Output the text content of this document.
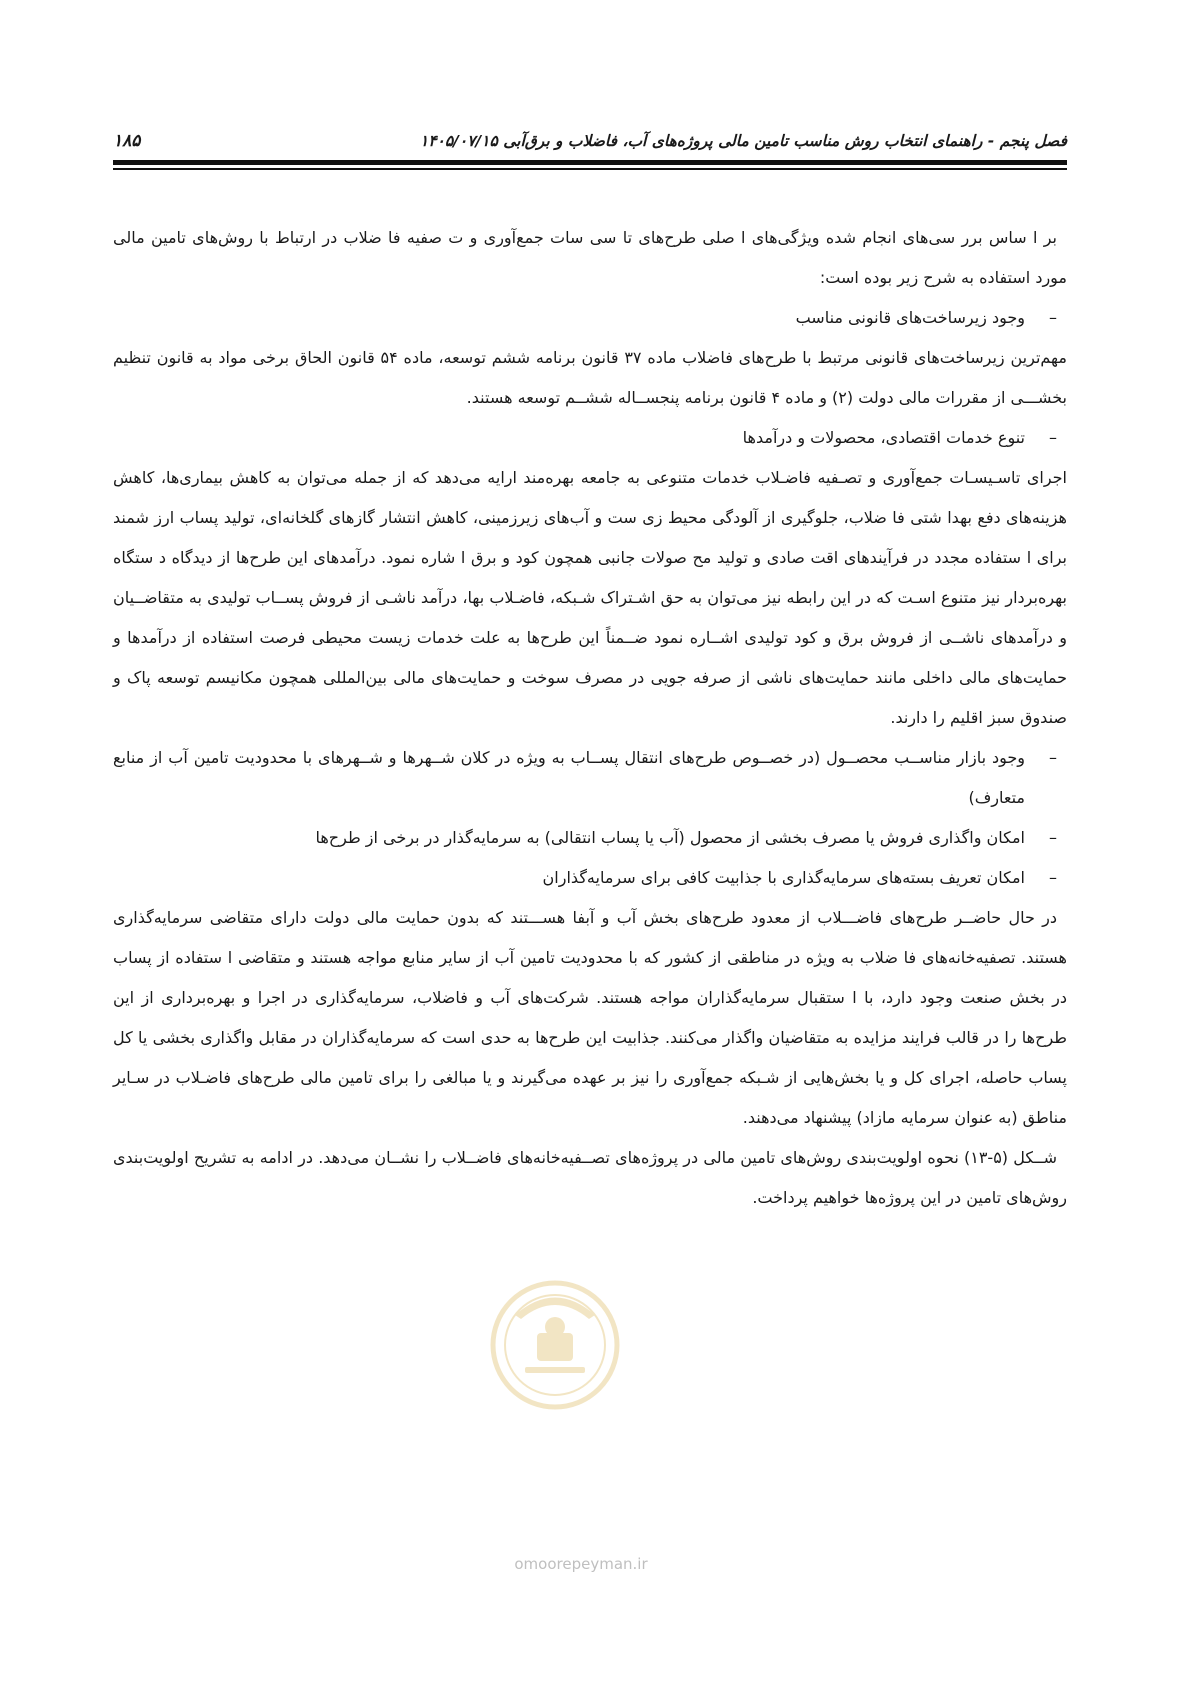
فصل پنجم - راهنمای انتخاب روش مناسب تامین مالی پروژه‌های آب، فاضلاب و برق‌آبی ۱۴۰۵/۰۷/۱۵
۱۸۵

بر ا ساس برر سی‌های انجام شده ویژگی‌های ا صلی طرح‌های تا سی سات جمع‌آوری و ت صفیه فا ضلاب در ارتباط با روش‌های تامین مالی مورد استفاده به شرح زیر بوده است:

–
وجود زیرساخت‌های قانونی مناسب

مهم‌ترین زیرساخت‌های قانونی مرتبط با طرح‌های فاضلاب ماده ۳۷ قانون برنامه ششم توسعه، ماده ۵۴ قانون الحاق برخی مواد به قانون تنظیم بخشـــی از مقررات مالی دولت (۲) و ماده ۴ قانون برنامه پنجســاله ششــم توسعه هستند.

–
تنوع خدمات اقتصادی، محصولات و درآمدها

اجرای تاسـیسـات جمع‌آوری و تصـفیه فاضـلاب خدمات متنوعی به جامعه بهره‌مند ارایه می‌دهد که از جمله می‌توان به کاهش بیماری‌ها، کاهش هزینه‌های دفع بهدا شتی فا ضلاب، جلوگیری از آلودگی محیط زی ست و آب‌های زیرزمینی، کاهش انتشار گازهای گلخانه‌ای، تولید پساب ارز شمند برای ا ستفاده مجدد در فرآیندهای اقت صادی و تولید مح صولات جانبی همچون کود و برق ا شاره نمود. درآمدهای این طرح‌ها از دیدگاه د ستگاه بهره‌بردار نیز متنوع اسـت که در این رابطه نیز می‌توان به حق اشـتراک شـبکه، فاضـلاب بها، درآمد ناشـی از فروش پســاب تولیدی به متقاضــیان و درآمدهای ناشــی از فروش برق و کود تولیدی اشــاره نمود ضــمناً این طرح‌ها به علت خدمات زیست محیطی فرصت استفاده از درآمدها و حمایت‌های مالی داخلی مانند حمایت‌های ناشی از صرفه جویی در مصرف سوخت و حمایت‌های مالی بین‌المللی همچون مکانیسم توسعه پاک و صندوق سبز اقلیم را دارند.

–
وجود بازار مناســب محصــول (در خصــوص طرح‌های انتقال پســاب به ویژه در کلان شــهرها و شــهرهای با محدودیت تامین آب از منابع متعارف)

–
امکان واگذاری فروش یا مصرف بخشی از محصول (آب یا پساب انتقالی) به سرمایه‌گذار در برخی از طرح‌ها

–
امکان تعریف بسته‌های سرمایه‌گذاری با جذابیت کافی برای سرمایه‌گذاران

در حال حاضــر طرح‌های فاضـــلاب از معدود طرح‌های بخش آب و آبفا هســـتند که بدون حمایت مالی دولت دارای متقاضی سرمایه‌گذاری هستند. تصفیه‌خانه‌های فا ضلاب به ویژه در مناطقی از کشور که با محدودیت تامین آب از سایر منابع مواجه هستند و متقاضی ا ستفاده از پساب در بخش صنعت وجود دارد، با ا ستقبال سرمایه‌گذاران مواجه هستند. شرکت‌های آب و فاضلاب، سرمایه‌گذاری در اجرا و بهره‌برداری از این طرح‌ها را در قالب فرایند مزایده به متقاضیان واگذار می‌کنند. جذابیت این طرح‌ها به حدی است که سرمایه‌گذاران در مقابل واگذاری بخشی یا کل پساب حاصله، اجرای کل و یا بخش‌هایی از شـبکه جمع‌آوری را نیز بر عهده می‌گیرند و یا مبالغی را برای تامین مالی طرح‌های فاضـلاب در سـایر مناطق (به عنوان سرمایه مازاد) پیشنهاد می‌دهند.

شــکل (۵-۱۳) نحوه اولویت‌بندی روش‌های تامین مالی در پروژه‌های تصــفیه‌خانه‌های فاضــلاب را نشــان می‌دهد. در ادامه به تشریح اولویت‌بندی روش‌های تامین در این پروژه‌ها خواهیم پرداخت.

omoorepeyman.ir
